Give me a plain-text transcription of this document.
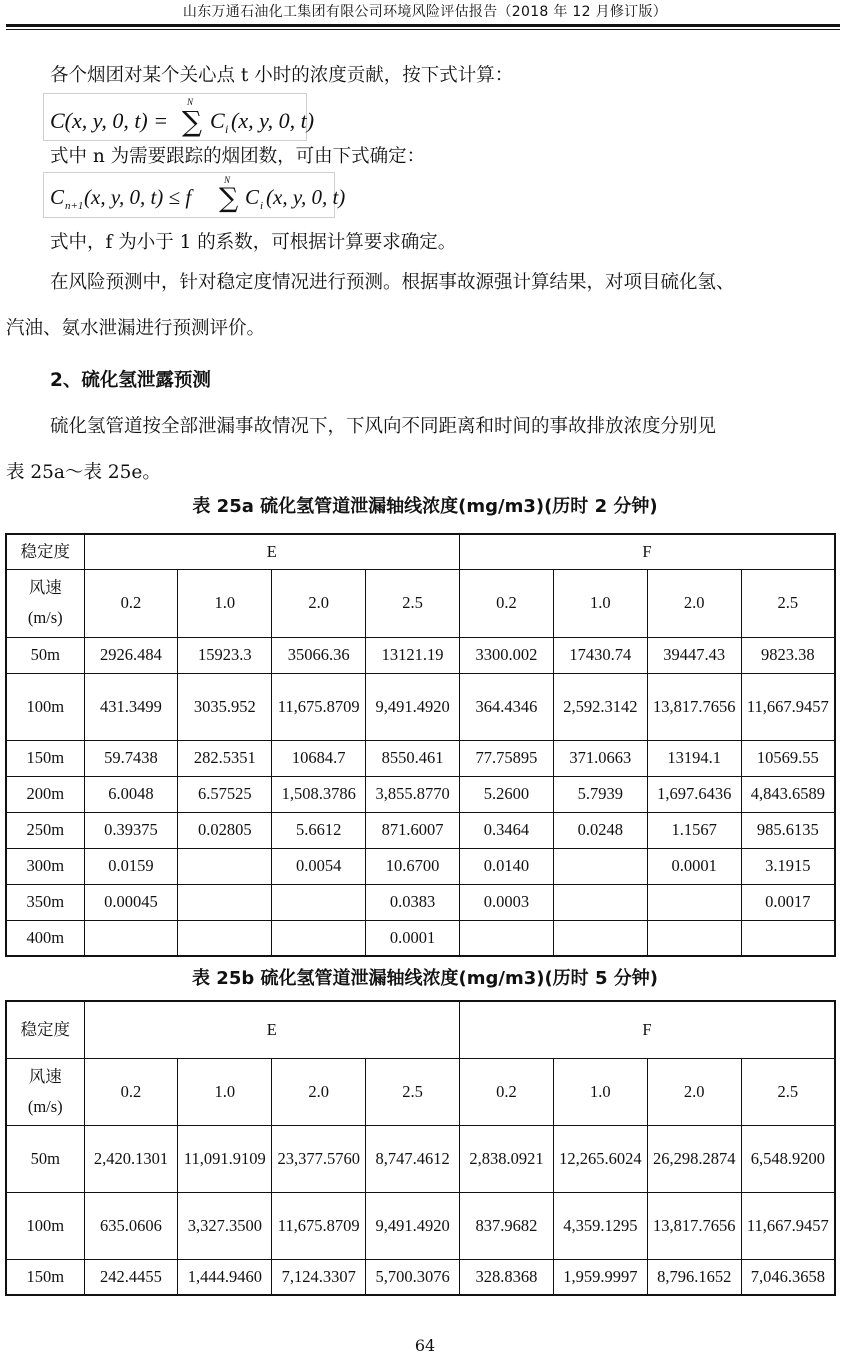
山东万通石油化工集团有限公司环境风险评估报告（2018 年 12 月修订版）
各个烟团对某个关心点 t 小时的浓度贡献，按下式计算：
C(x, y, 0, t) = ∑
N
C i (x, y, 0, t)
式中 n 为需要跟踪的烟团数，可由下式确定：
C n+1 (x, y, 0, t) ≤ f ∑
N
C i (x, y, 0, t)
式中，f 为小于 1 的系数，可根据计算要求确定。
在风险预测中，针对稳定度情况进行预测。根据事故源强计算结果，对项目硫化氢、
汽油、氨水泄漏进行预测评价。
2、硫化氢泄露预测
硫化氢管道按全部泄漏事故情况下，下风向不同距离和时间的事故排放浓度分别见
表 25a～表 25e。
表 25a 硫化氢管道泄漏轴线浓度(mg/m3)(历时 2 分钟)
稳定度	E				F			
风速
(m/s)	0.2	1.0	2.0	2.5	0.2	1.0	2.0	2.5
50m	2926.484	15923.3	35066.36	13121.19	3300.002	17430.74	39447.43	9823.38
100m	431.3499	3035.952	11,675.8709	9,491.4920	364.4346	2,592.3142	13,817.7656	11,667.9457
150m	59.7438	282.5351	10684.7	8550.461	77.75895	371.0663	13194.1	10569.55
200m	6.0048	6.57525	1,508.3786	3,855.8770	5.2600	5.7939	1,697.6436	4,843.6589
250m	0.39375	0.02805	5.6612	871.6007	0.3464	0.0248	1.1567	985.6135
300m	0.0159		0.0054	10.6700	0.0140		0.0001	3.1915
350m	0.00045			0.0383	0.0003			0.0017
400m				0.0001				
表 25b 硫化氢管道泄漏轴线浓度(mg/m3)(历时 5 分钟)
稳定度	E				F			
风速
(m/s)	0.2	1.0	2.0	2.5	0.2	1.0	2.0	2.5
50m	2,420.1301	11,091.9109	23,377.5760	8,747.4612	2,838.0921	12,265.6024	26,298.2874	6,548.9200
100m	635.0606	3,327.3500	11,675.8709	9,491.4920	837.9682	4,359.1295	13,817.7656	11,667.9457
150m	242.4455	1,444.9460	7,124.3307	5,700.3076	328.8368	1,959.9997	8,796.1652	7,046.3658
64
